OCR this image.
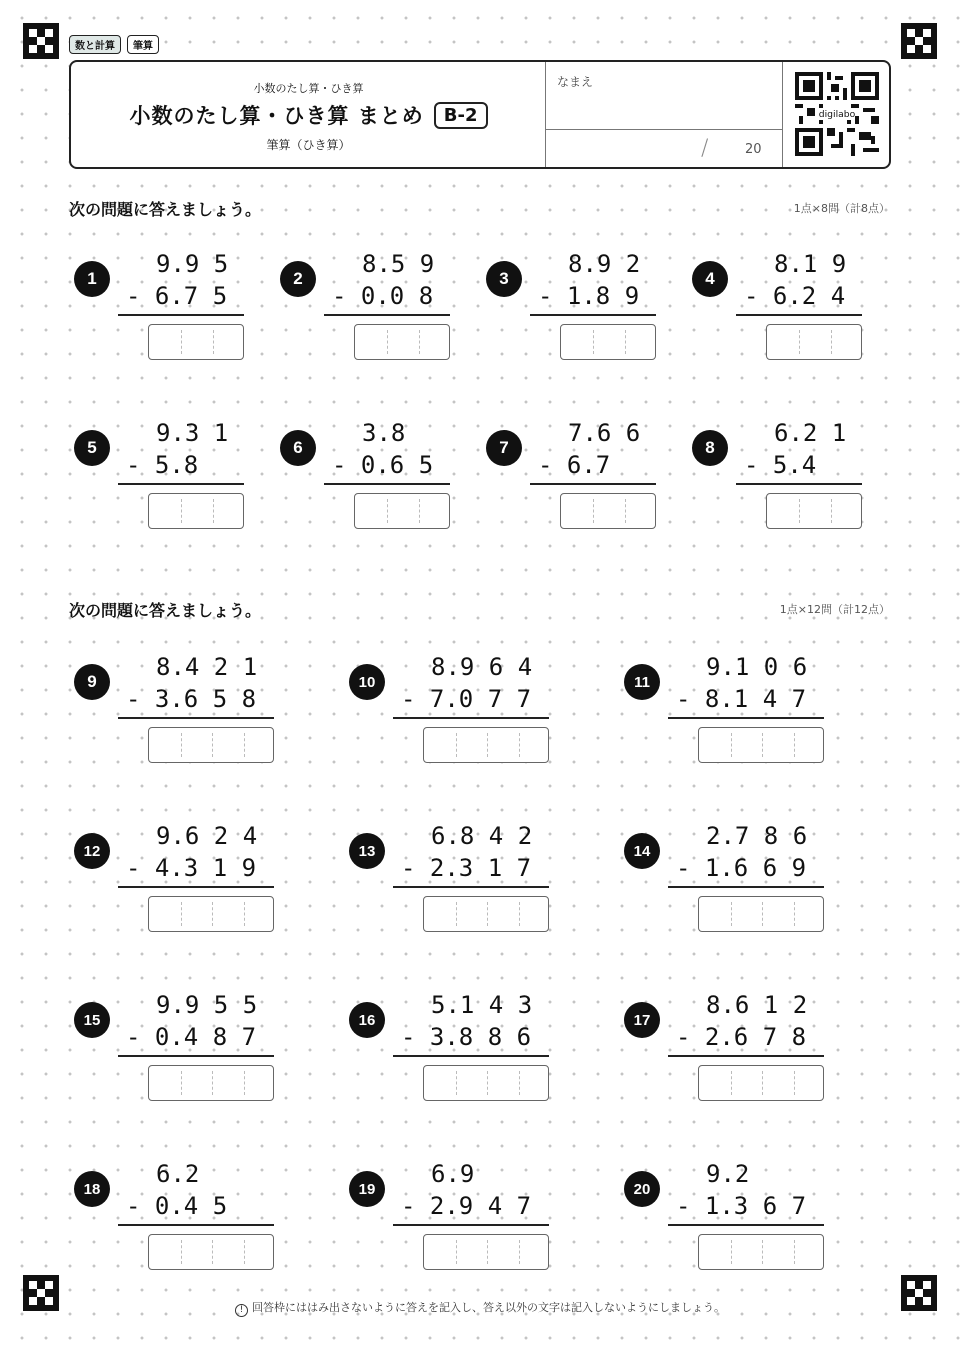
数と計算	筆算
小数のたし算・ひき算
小数のたし算・ひき算 まとめ	B-2
筆算（ひき算）
なまえ
/	20
digilabo
次の問題に答えましょう。	1点×8問（計8点）
1
9.9 5
- 6.7 5
2
8.5 9
- 0.0 8
3
8.9 2
- 1.8 9
4
8.1 9
- 6.2 4
5
9.3 1
- 5.8
6
3.8
- 0.6 5
7
7.6 6
- 6.7
8
6.2 1
- 5.4
次の問題に答えましょう。	1点×12問（計12点）
9
8.4 2 1
- 3.6 5 8
10
8.9 6 4
- 7.0 7 7
11
9.1 0 6
- 8.1 4 7
12
9.6 2 4
- 4.3 1 9
13
6.8 4 2
- 2.3 1 7
14
2.7 8 6
- 1.6 6 9
15
9.9 5 5
- 0.4 8 7
16
5.1 4 3
- 3.8 8 6
17
8.6 1 2
- 2.6 7 8
18
6.2
- 0.4 5
19
6.9
- 2.9 4 7
20
9.2
- 1.3 6 7
! 回答枠にははみ出さないように答えを記入し、答え以外の文字は記入しないようにしましょう。
